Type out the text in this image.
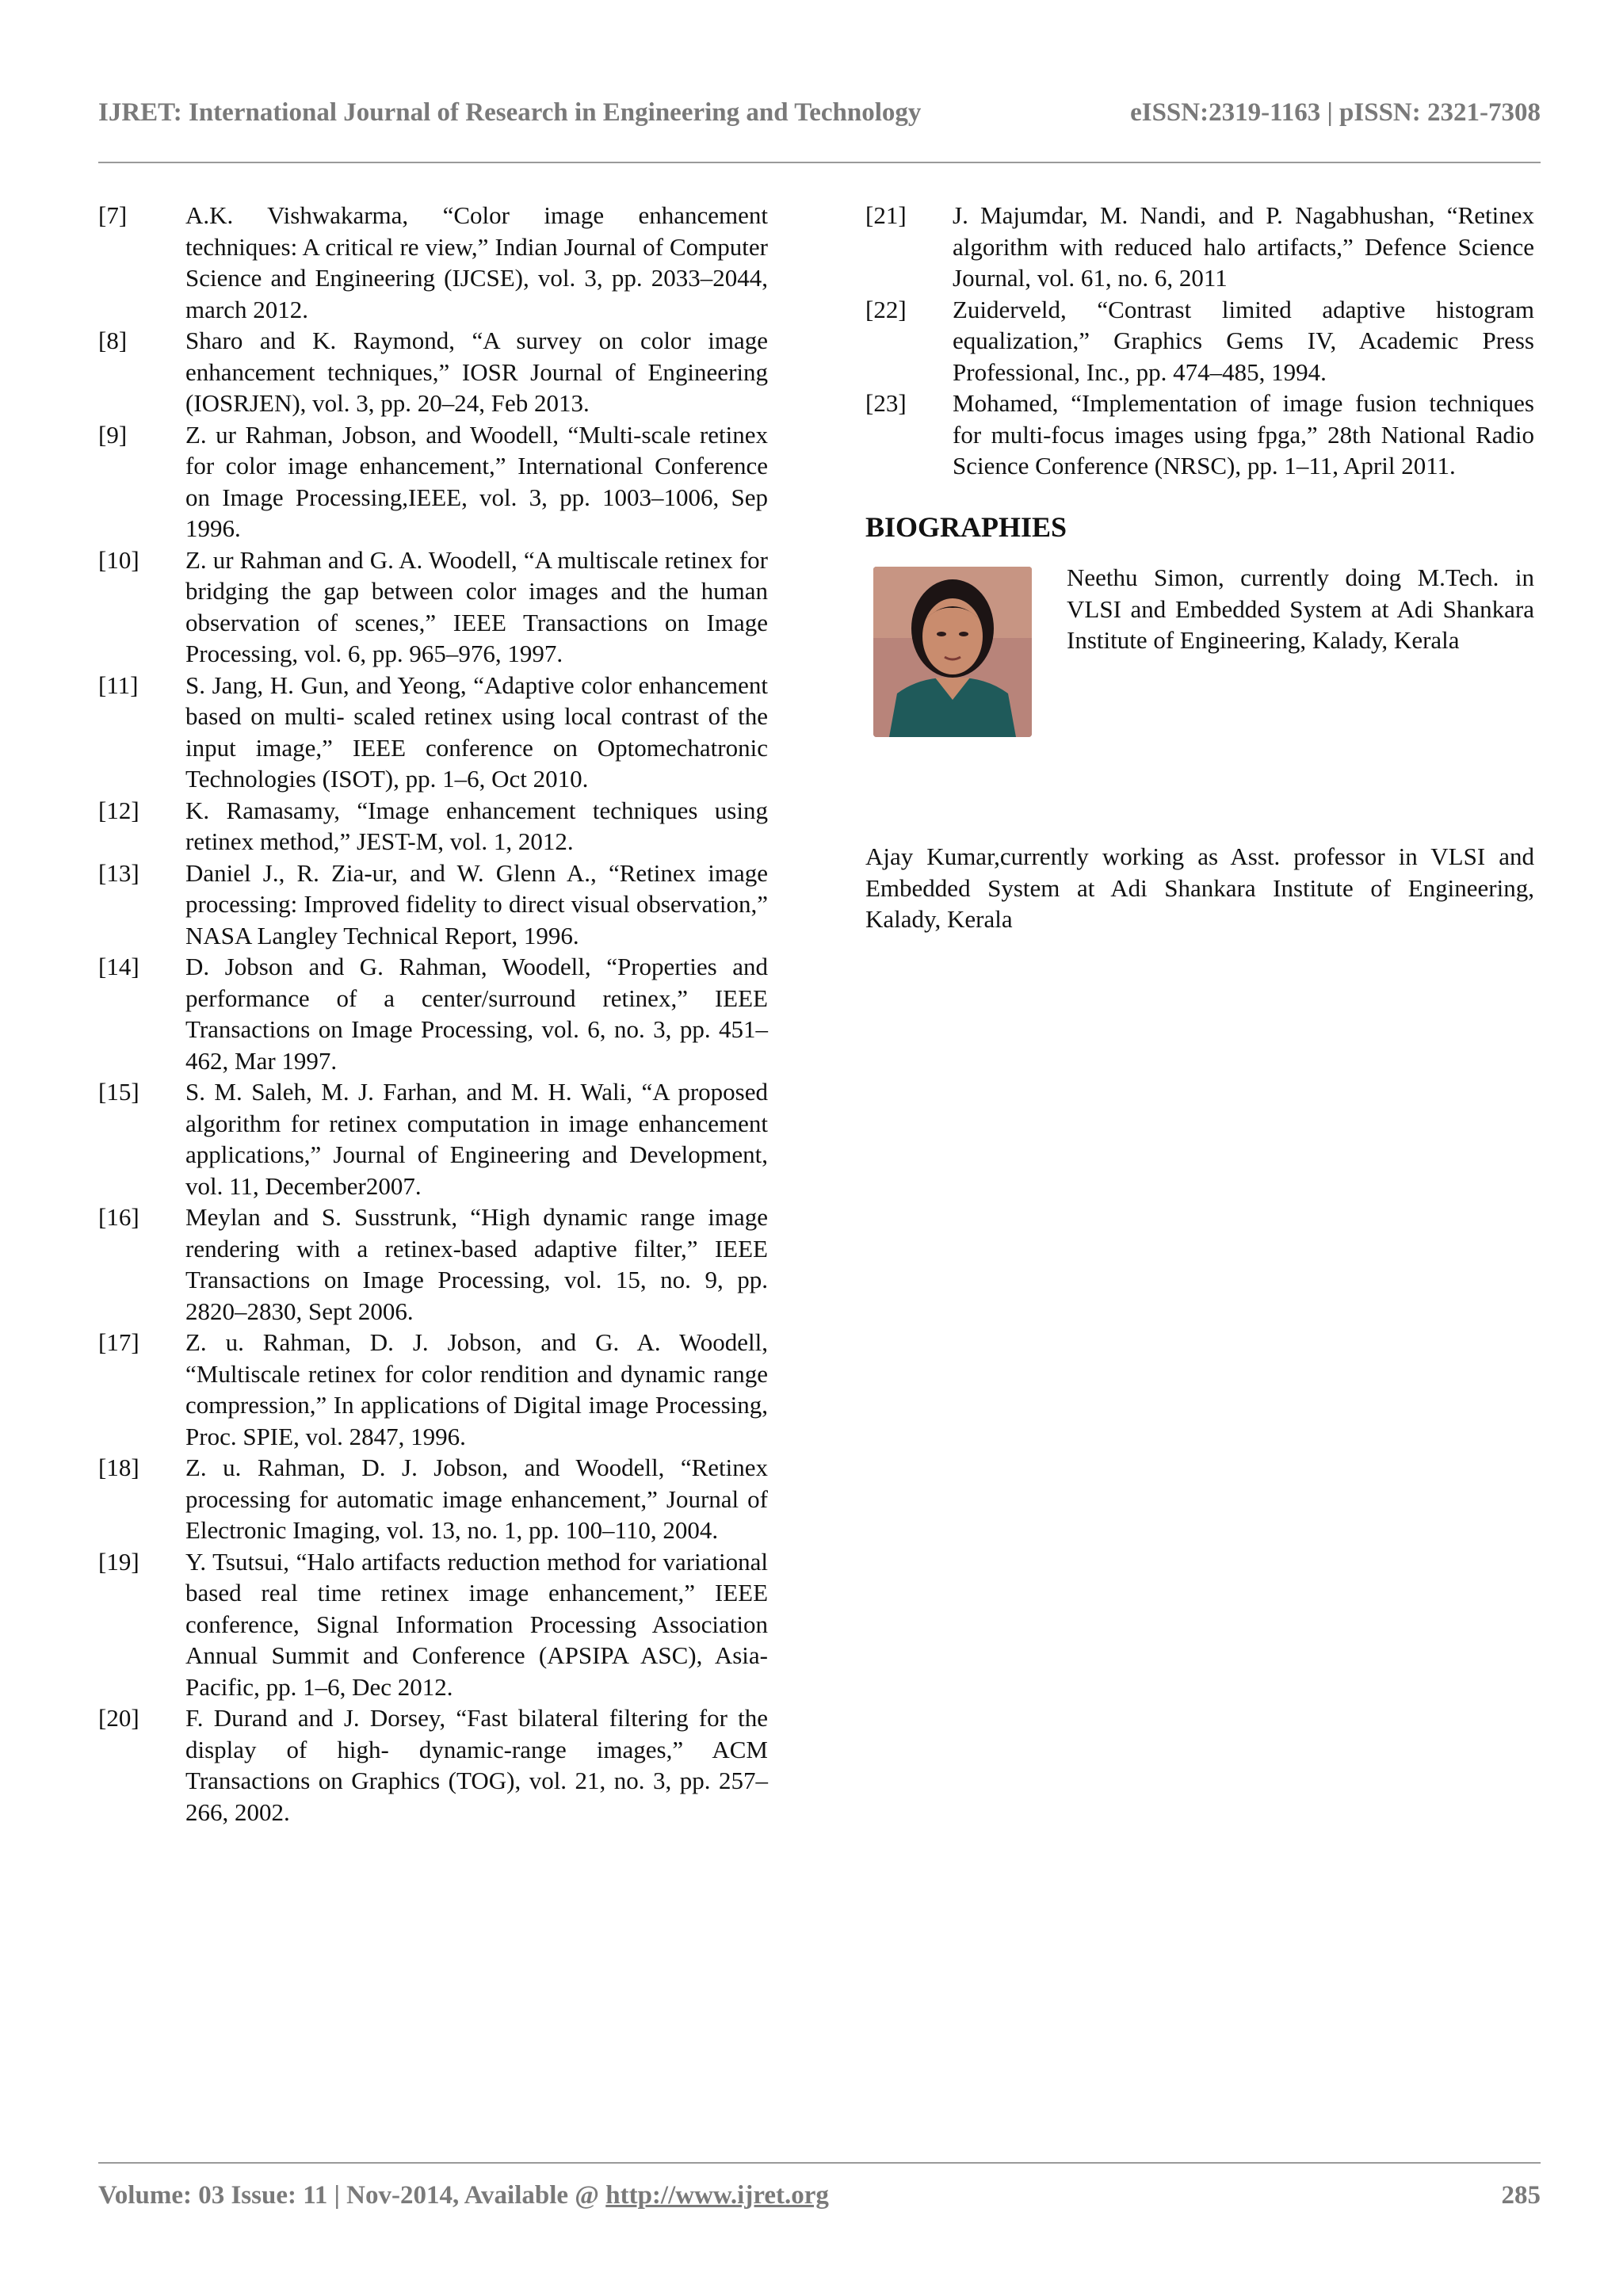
IJRET: International Journal of Research in Engineering and Technology	eISSN:2319-1163 | pISSN: 2321-7308
[7] A.K. Vishwakarma, “Color image enhancement techniques: A critical re view,” Indian Journal of Computer Science and Engineering (IJCSE), vol. 3, pp. 2033–2044, march 2012.
[8] Sharo and K. Raymond, “A survey on color image enhancement techniques,” IOSR Journal of Engineering (IOSRJEN), vol. 3, pp. 20–24, Feb 2013.
[9] Z. ur Rahman, Jobson, and Woodell, “Multi-scale retinex for color image enhancement,” International Conference on Image Processing,IEEE, vol. 3, pp. 1003–1006, Sep 1996.
[10] Z. ur Rahman and G. A. Woodell, “A multiscale retinex for bridging the gap between color images and the human observation of scenes,” IEEE Transactions on Image Processing, vol. 6, pp. 965–976, 1997.
[11] S. Jang, H. Gun, and Yeong, “Adaptive color enhancement based on multi- scaled retinex using local contrast of the input image,” IEEE conference on Optomechatronic Technologies (ISOT), pp. 1–6, Oct 2010.
[12] K. Ramasamy, “Image enhancement techniques using retinex method,” JEST-M, vol. 1, 2012.
[13] Daniel J., R. Zia-ur, and W. Glenn A., “Retinex image processing: Improved fidelity to direct visual observation,” NASA Langley Technical Report, 1996.
[14] D. Jobson and G. Rahman, Woodell, “Properties and performance of a center/surround retinex,” IEEE Transactions on Image Processing, vol. 6, no. 3, pp. 451–462, Mar 1997.
[15] S. M. Saleh, M. J. Farhan, and M. H. Wali, “A proposed algorithm for retinex computation in image enhancement applications,” Journal of Engineering and Development, vol. 11, December2007.
[16] Meylan and S. Susstrunk, “High dynamic range image rendering with a retinex-based adaptive filter,” IEEE Transactions on Image Processing, vol. 15, no. 9, pp. 2820–2830, Sept 2006.
[17] Z. u. Rahman, D. J. Jobson, and G. A. Woodell, “Multiscale retinex for color rendition and dynamic range compression,” In applications of Digital image Processing, Proc. SPIE, vol. 2847, 1996.
[18] Z. u. Rahman, D. J. Jobson, and Woodell, “Retinex processing for automatic image enhancement,” Journal of Electronic Imaging, vol. 13, no. 1, pp. 100–110, 2004.
[19] Y. Tsutsui, “Halo artifacts reduction method for variational based real time retinex image enhancement,” IEEE conference, Signal Information Processing Association Annual Summit and Conference (APSIPA ASC), Asia- Pacific, pp. 1–6, Dec 2012.
[20] F. Durand and J. Dorsey, “Fast bilateral filtering for the display of high- dynamic-range images,” ACM Transactions on Graphics (TOG), vol. 21, no. 3, pp. 257–266, 2002.
[21] J. Majumdar, M. Nandi, and P. Nagabhushan, “Retinex algorithm with reduced halo artifacts,” Defence Science Journal, vol. 61, no. 6, 2011
[22] Zuiderveld, “Contrast limited adaptive histogram equalization,” Graphics Gems IV, Academic Press Professional, Inc., pp. 474–485, 1994.
[23] Mohamed, “Implementation of image fusion techniques for multi-focus images using fpga,” 28th National Radio Science Conference (NRSC), pp. 1–11, April 2011.
BIOGRAPHIES
Neethu Simon, currently doing M.Tech. in VLSI and Embedded System at Adi Shankara Institute of Engineering, Kalady, Kerala
Ajay Kumar,currently working as Asst. professor in VLSI and Embedded System at Adi Shankara Institute of Engineering, Kalady, Kerala
Volume: 03 Issue: 11 | Nov-2014, Available @ http://www.ijret.org	285
